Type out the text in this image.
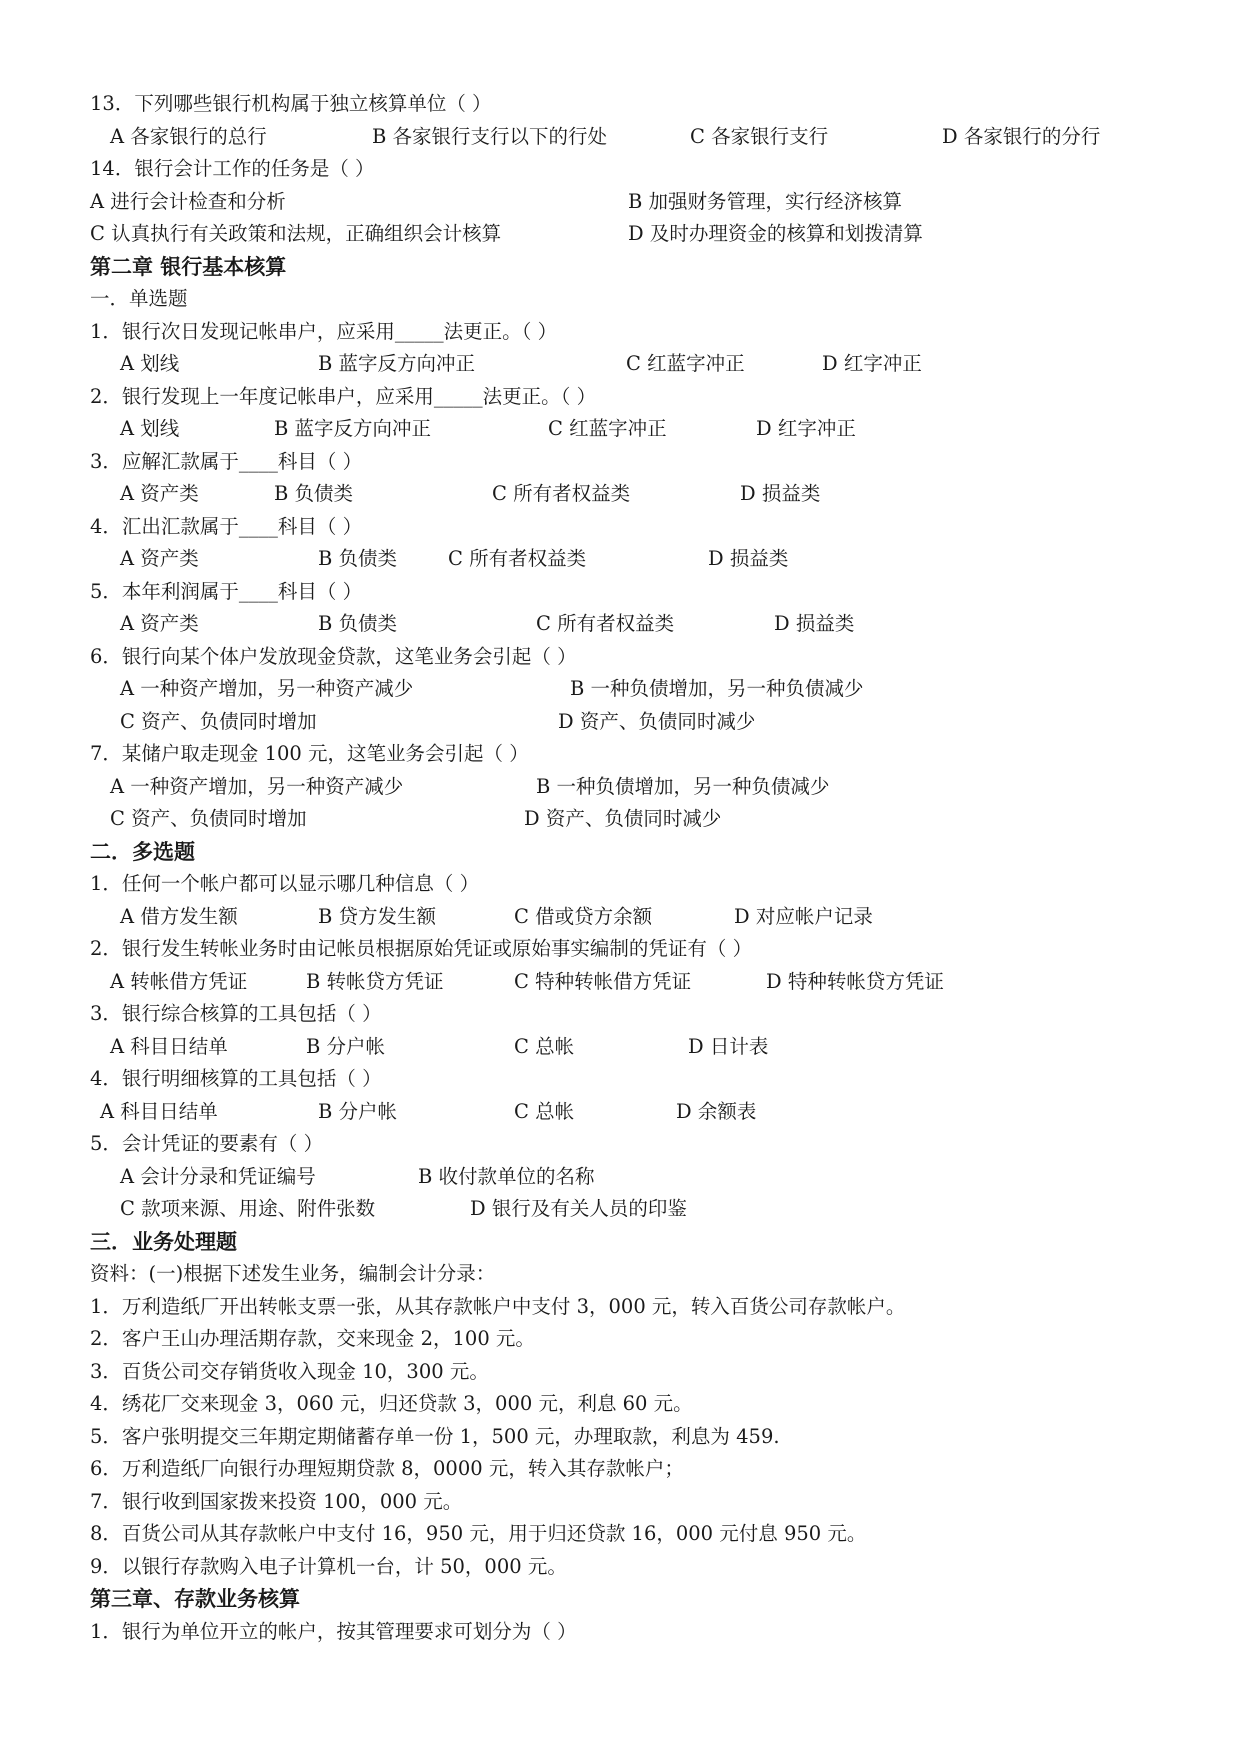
13．下列哪些银行机构属于独立核算单位（ ）
A 各家银行的总行	B 各家银行支行以下的行处	C 各家银行支行	D 各家银行的分行
14．银行会计工作的任务是（ ）
A 进行会计检查和分析	B 加强财务管理，实行经济核算
C 认真执行有关政策和法规，正确组织会计核算	D 及时办理资金的核算和划拨清算
第二章 银行基本核算
一．单选题
1．银行次日发现记帐串户，应采用_____法更正。（ ）
A 划线	B 蓝字反方向冲正	C 红蓝字冲正	D 红字冲正
2．银行发现上一年度记帐串户，应采用_____法更正。（ ）
A 划线	B 蓝字反方向冲正	C 红蓝字冲正	D 红字冲正
3．应解汇款属于____科目（ ）
A 资产类	B 负债类	C 所有者权益类	D 损益类
4．汇出汇款属于____科目（ ）
A 资产类	B 负债类	C 所有者权益类	D 损益类
5．本年利润属于____科目（ ）
A 资产类	B 负债类	C 所有者权益类	D 损益类
6．银行向某个体户发放现金贷款，这笔业务会引起（ ）
A 一种资产增加，另一种资产减少	B 一种负债增加，另一种负债减少
C 资产、负债同时增加	D 资产、负债同时减少
7．某储户取走现金 100 元，这笔业务会引起（ ）
A 一种资产增加，另一种资产减少	B 一种负债增加，另一种负债减少
C 资产、负债同时增加	D 资产、负债同时减少
二．多选题
1．任何一个帐户都可以显示哪几种信息（ ）
A 借方发生额	B 贷方发生额	C 借或贷方余额	D 对应帐户记录
2．银行发生转帐业务时由记帐员根据原始凭证或原始事实编制的凭证有（ ）
A 转帐借方凭证	B 转帐贷方凭证	C 特种转帐借方凭证	D 特种转帐贷方凭证
3．银行综合核算的工具包括（ ）
A 科目日结单	B 分户帐	C 总帐	D 日计表
4．银行明细核算的工具包括（ ）
A 科目日结单	B 分户帐	C 总帐	D 余额表
5．会计凭证的要素有（ ）
A 会计分录和凭证编号	B 收付款单位的名称
C 款项来源、用途、附件张数	D 银行及有关人员的印鉴
三．业务处理题
资料：(一)根据下述发生业务，编制会计分录：
1．万利造纸厂开出转帐支票一张，从其存款帐户中支付 3，000 元，转入百货公司存款帐户。
2．客户王山办理活期存款，交来现金 2，100 元。
3．百货公司交存销货收入现金 10，300 元。
4．绣花厂交来现金 3，060 元，归还贷款 3，000 元，利息 60 元。
5．客户张明提交三年期定期储蓄存单一份 1，500 元，办理取款，利息为 459.
6．万利造纸厂向银行办理短期贷款 8，0000 元，转入其存款帐户；
7．银行收到国家拨来投资 100，000 元。
8．百货公司从其存款帐户中支付 16，950 元，用于归还贷款 16，000 元付息 950 元。
9．以银行存款购入电子计算机一台，计 50，000 元。
第三章、存款业务核算
1．银行为单位开立的帐户，按其管理要求可划分为（ ）
